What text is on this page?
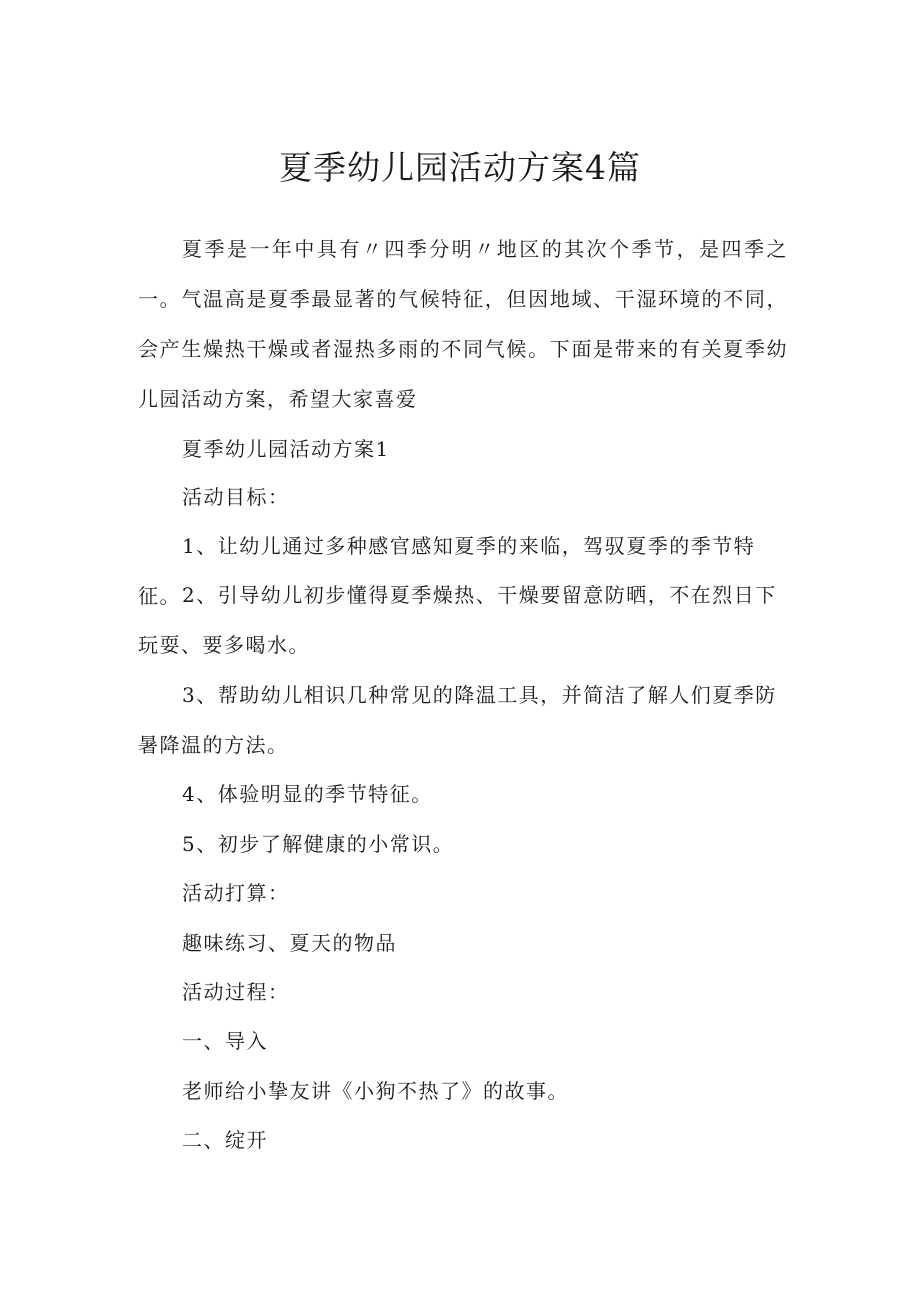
夏季幼儿园活动方案4篇

夏季是一年中具有〃四季分明〃地区的其次个季节，是四季之一。气温高是夏季最显著的气候特征，但因地域、干湿环境的不同，会产生燥热干燥或者湿热多雨的不同气候。下面是带来的有关夏季幼儿园活动方案，希望大家喜爱

夏季幼儿园活动方案1

活动目标：

1、让幼儿通过多种感官感知夏季的来临，驾驭夏季的季节特征。 2、引导幼儿初步懂得夏季燥热、干燥要留意防晒，不在烈日下玩耍、要多喝水。

3、帮助幼儿相识几种常见的降温工具，并简洁了解人们夏季防暑降温的方法。

4、体验明显的季节特征。

5、初步了解健康的小常识。

活动打算：

趣味练习、夏天的物品

活动过程：

一、导入

老师给小挚友讲《小狗不热了》的故事。

二、绽开
